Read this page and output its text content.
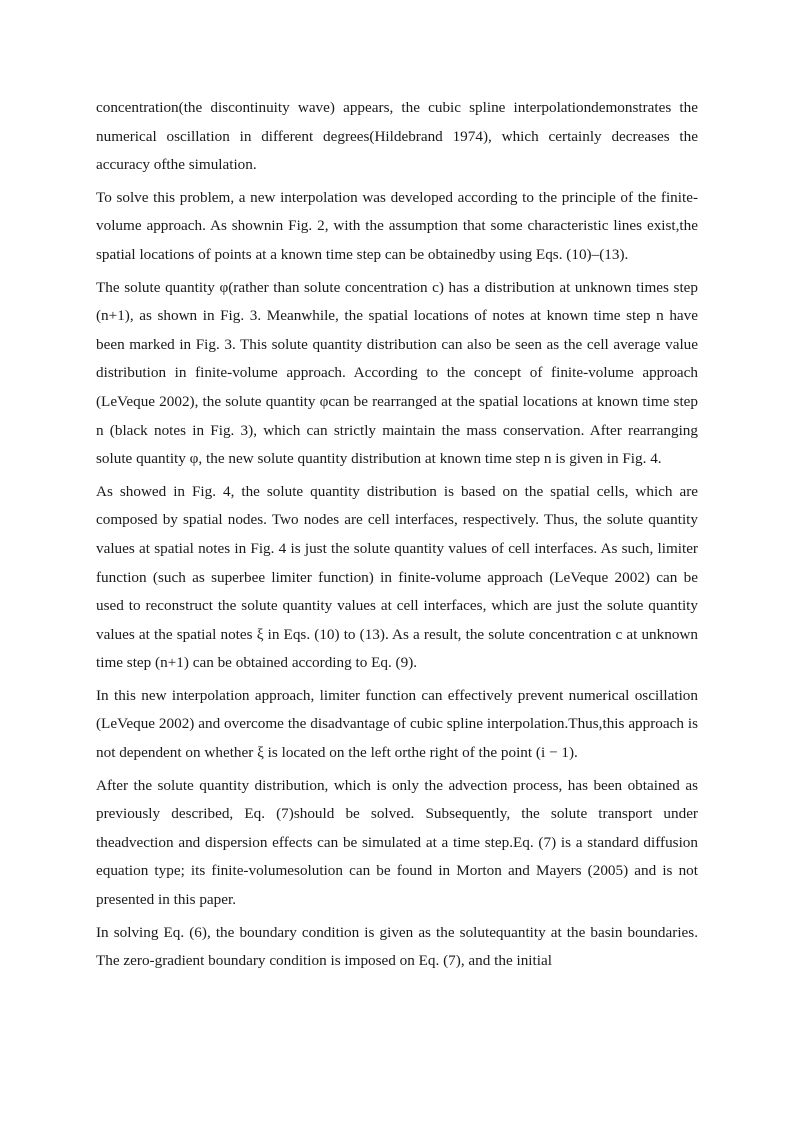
concentration(the discontinuity wave) appears, the cubic spline interpolationdemonstrates the numerical oscillation in different degrees(Hildebrand 1974), which certainly decreases the accuracy ofthe simulation.

To solve this problem, a new interpolation was developed according to the principle of the finite-volume approach. As shownin Fig. 2, with the assumption that some characteristic lines exist,the spatial locations of points at a known time step can be obtainedby using Eqs. (10)–(13).

The solute quantity φ(rather than solute concentration c) has a distribution at unknown times step (n+1), as shown in Fig. 3. Meanwhile, the spatial locations of notes at known time step n have been marked in Fig. 3. This solute quantity distribution can also be seen as the cell average value distribution in finite-volume approach. According to the concept of finite-volume approach (LeVeque 2002), the solute quantity φcan be rearranged at the spatial locations at known time step n (black notes in Fig. 3), which can strictly maintain the mass conservation. After rearranging solute quantity φ, the new solute quantity distribution at known time step n is given in Fig. 4.

As showed in Fig. 4, the solute quantity distribution is based on the spatial cells, which are composed by spatial nodes. Two nodes are cell interfaces, respectively. Thus, the solute quantity values at spatial notes in Fig. 4 is just the solute quantity values of cell interfaces. As such, limiter function (such as superbee limiter function) in finite-volume approach (LeVeque 2002) can be used to reconstruct the solute quantity values at cell interfaces, which are just the solute quantity values at the spatial notes ξ in Eqs. (10) to (13). As a result, the solute concentration c at unknown time step (n+1) can be obtained according to Eq. (9).

In this new interpolation approach, limiter function can effectively prevent numerical oscillation (LeVeque 2002) and overcome the disadvantage of cubic spline interpolation.Thus,this approach is not dependent on whether ξ is located on the left orthe right of the point (i − 1).

After the solute quantity distribution, which is only the advection process, has been obtained as previously described, Eq. (7)should be solved. Subsequently, the solute transport under theadvection and dispersion effects can be simulated at a time step.Eq. (7) is a standard diffusion equation type; its finite-volumesolution can be found in Morton and Mayers (2005) and is not presented in this paper.

In solving Eq. (6), the boundary condition is given as the solutequantity at the basin boundaries. The zero-gradient boundary condition is imposed on Eq. (7), and the initial
